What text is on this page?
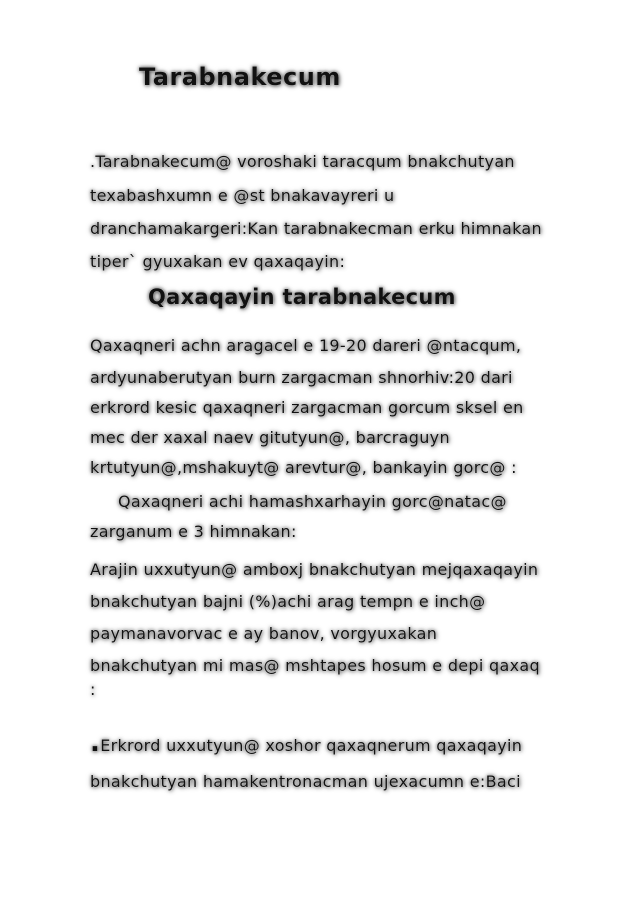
Tarabnakecum

.Tarabnakecum@ voroshaki taracqum bnakchutyan

texabashxumn e @st bnakavayreri u

dranchamakargeri:Kan tarabnakecman erku himnakan

tiper` gyuxakan ev qaxaqayin:

Qaxaqayin tarabnakecum

Qaxaqneri achn aragacel e 19-20 dareri @ntacqum,

ardyunaberutyan burn zargacman shnorhiv:20 dari

erkrord kesic qaxaqneri zargacman gorcum sksel en

mec der xaxal naev gitutyun@, barcraguyn

krtutyun@,mshakuyt@ arevtur@, bankayin gorc@ :

Qaxaqneri achi hamashxarhayin gorc@natac@

zarganum e 3 himnakan:

Arajin uxxutyun@ amboxj bnakchutyan mejqaxaqayin

bnakchutyan bajni (%)achi arag tempn e inch@

paymanavorvac e ay banov, vorgyuxakan

bnakchutyan mi mas@ mshtapes hosum e depi qaxaq

:

.Erkrord uxxutyun@ xoshor qaxaqnerum qaxaqayin

bnakchutyan hamakentronacman ujexacumn e:Baci
